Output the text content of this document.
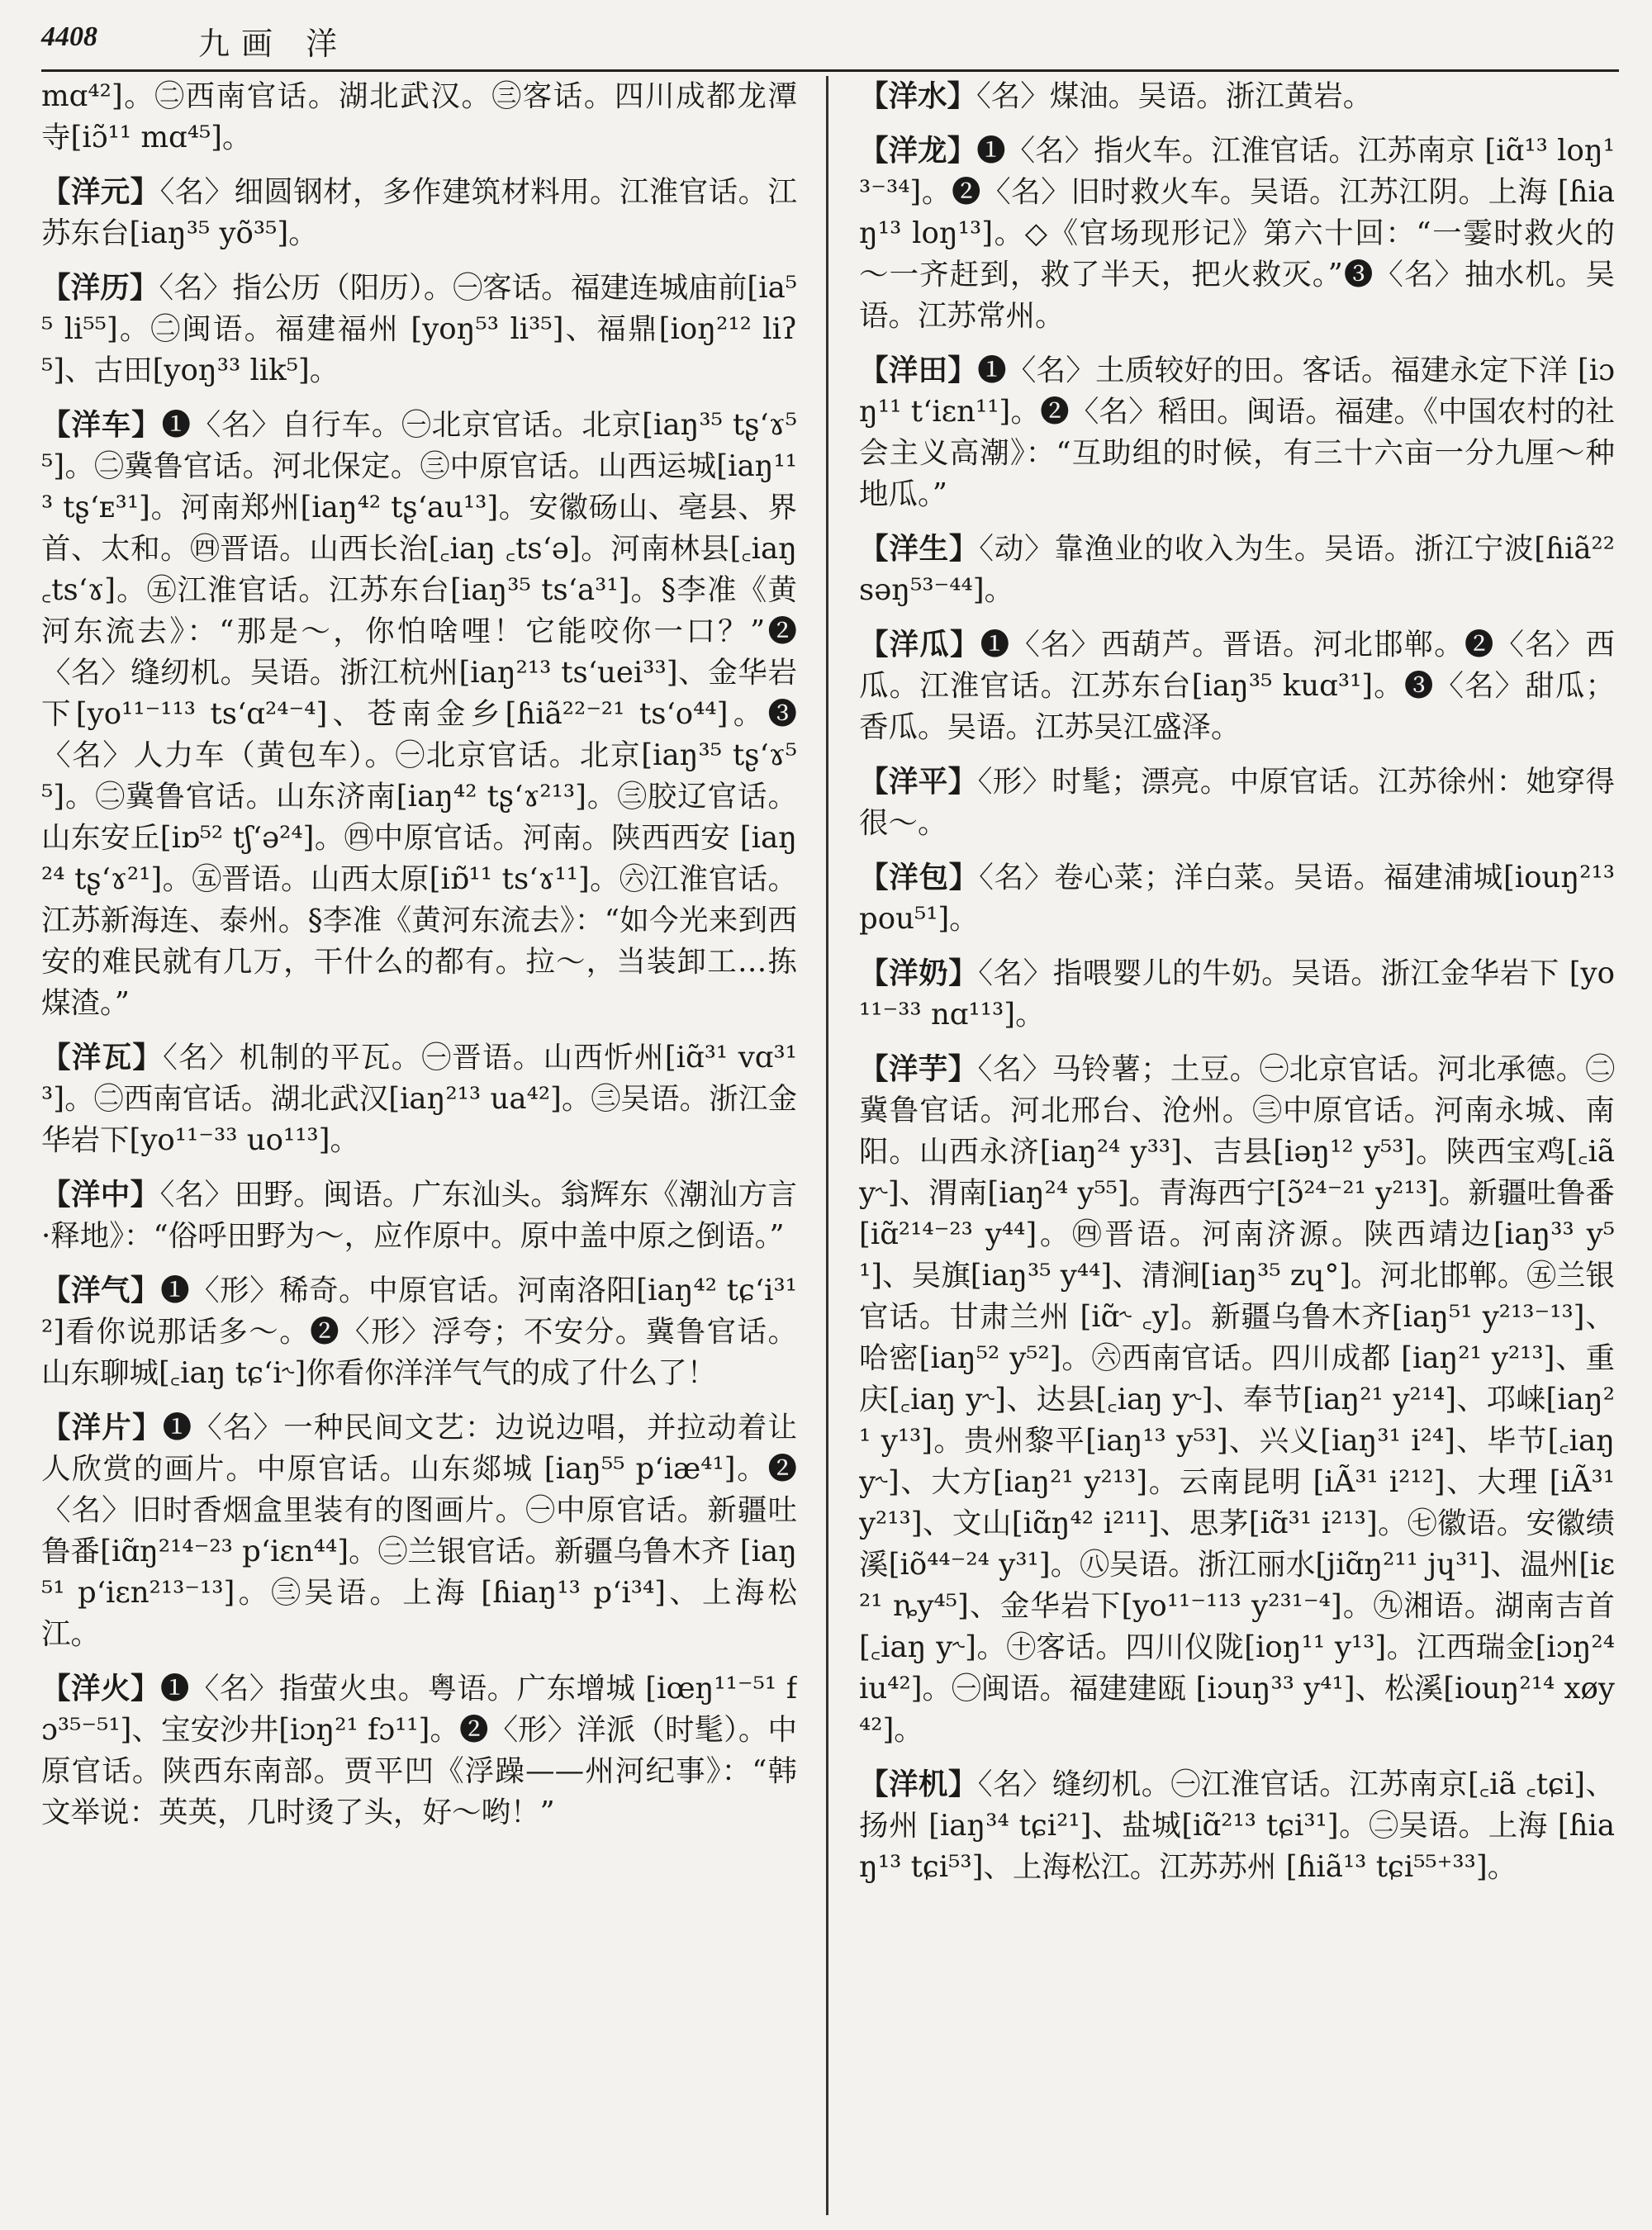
4408	九画 洋

mɑ⁴²]。㊁西南官话。湖北武汉。㊂客话。四川成都龙潭寺[iɔ̃¹¹ mɑ⁴⁵]。

【洋元】〈名〉细圆钢材，多作建筑材料用。江淮官话。江苏东台[iaŋ³⁵ yõ³⁵]。

【洋历】〈名〉指公历（阳历）。㊀客话。福建连城庙前[ia⁵⁵ li⁵⁵]。㊁闽语。福建福州 [yoŋ⁵³ li³⁵]、福鼎[ioŋ²¹² liʔ⁵]、古田[yoŋ³³ lik⁵]。

【洋车】❶〈名〉自行车。㊀北京官话。北京[iaŋ³⁵ tʂʻɤ⁵⁵]。㊁冀鲁官话。河北保定。㊂中原官话。山西运城[iaŋ¹¹³ tʂʻᴇ³¹]。河南郑州[iaŋ⁴² tʂʻau¹³]。安徽砀山、亳县、界首、太和。㊃晋语。山西长治[꜀iaŋ ꜀tsʻə]。河南林县[꜀iaŋ ꜀tsʻɤ]。㊄江淮官话。江苏东台[iaŋ³⁵ tsʻa³¹]。§李准《黄河东流去》：“那是～，你怕啥哩！它能咬你一口？”❷〈名〉缝纫机。吴语。浙江杭州[iaŋ²¹³ tsʻuei³³]、金华岩下[yo¹¹⁻¹¹³ tsʻɑ²⁴⁻⁴]、苍南金乡[ɦiã²²⁻²¹ tsʻo⁴⁴]。❸〈名〉人力车（黄包车）。㊀北京官话。北京[iaŋ³⁵ tʂʻɤ⁵⁵]。㊁冀鲁官话。山东济南[iaŋ⁴² tʂʻɤ²¹³]。㊂胶辽官话。山东安丘[iɒ⁵² tʃʻə²⁴]。㊃中原官话。河南。陕西西安 [iaŋ²⁴ tʂʻɤ²¹]。㊄晋语。山西太原[iɒ̃¹¹ tsʻɤ¹¹]。㊅江淮官话。江苏新海连、泰州。§李准《黄河东流去》：“如今光来到西安的难民就有几万，干什么的都有。拉～，当装卸工…拣煤渣。”

【洋瓦】〈名〉机制的平瓦。㊀晋语。山西忻州[iɑ̃³¹ vɑ³¹³]。㊁西南官话。湖北武汉[iaŋ²¹³ ua⁴²]。㊂吴语。浙江金华岩下[yo¹¹⁻³³ uo¹¹³]。

【洋中】〈名〉田野。闽语。广东汕头。翁辉东《潮汕方言·释地》：“俗呼田野为～，应作原中。原中盖中原之倒语。”

【洋气】❶〈形〉稀奇。中原官话。河南洛阳[iaŋ⁴² tɕʻi³¹²]看你说那话多～。❷〈形〉浮夸；不安分。冀鲁官话。山东聊城[꜀iaŋ tɕʻi˞]你看你洋洋气气的成了什么了！

【洋片】❶〈名〉一种民间文艺：边说边唱，并拉动着让人欣赏的画片。中原官话。山东郯城 [iaŋ⁵⁵ pʻiæ⁴¹]。❷〈名〉旧时香烟盒里装有的图画片。㊀中原官话。新疆吐鲁番[iɑ̃ŋ²¹⁴⁻²³ pʻiɛn⁴⁴]。㊁兰银官话。新疆乌鲁木齐 [iaŋ⁵¹ pʻiɛn²¹³⁻¹³]。㊂吴语。上海 [ɦiaŋ¹³ pʻi³⁴]、上海松江。

【洋火】❶〈名〉指萤火虫。粤语。广东增城 [iœŋ¹¹⁻⁵¹ fɔ³⁵⁻⁵¹]、宝安沙井[iɔŋ²¹ fɔ¹¹]。❷〈形〉洋派（时髦）。中原官话。陕西东南部。贾平凹《浮躁——州河纪事》：“韩文举说：英英，几时烫了头，好～哟！”

【洋水】〈名〉煤油。吴语。浙江黄岩。

【洋龙】❶〈名〉指火车。江淮官话。江苏南京 [iɑ̃¹³ loŋ¹³⁻³⁴]。❷〈名〉旧时救火车。吴语。江苏江阴。上海 [ɦiaŋ¹³ loŋ¹³]。◇《官场现形记》第六十回：“一霎时救火的～一齐赶到，救了半天，把火救灭。”❸〈名〉抽水机。吴语。江苏常州。

【洋田】❶〈名〉土质较好的田。客话。福建永定下洋 [iɔŋ¹¹ tʻiɛn¹¹]。❷〈名〉稻田。闽语。福建。《中国农村的社会主义高潮》：“互助组的时候，有三十六亩一分九厘～种地瓜。”

【洋生】〈动〉靠渔业的收入为生。吴语。浙江宁波[ɦiã²² səŋ⁵³⁻⁴⁴]。

【洋瓜】❶〈名〉西葫芦。晋语。河北邯郸。❷〈名〉西瓜。江淮官话。江苏东台[iaŋ³⁵ kuɑ³¹]。❸〈名〉甜瓜；香瓜。吴语。江苏吴江盛泽。

【洋平】〈形〉时髦；漂亮。中原官话。江苏徐州：她穿得很～。

【洋包】〈名〉卷心菜；洋白菜。吴语。福建浦城[iouŋ²¹³ pou⁵¹]。

【洋奶】〈名〉指喂婴儿的牛奶。吴语。浙江金华岩下 [yo¹¹⁻³³ nɑ¹¹³]。

【洋芋】〈名〉马铃薯；土豆。㊀北京官话。河北承德。㊁冀鲁官话。河北邢台、沧州。㊂中原官话。河南永城、南阳。山西永济[iaŋ²⁴ y³³]、吉县[iəŋ¹² y⁵³]。陕西宝鸡[꜀iã y˞]、渭南[iaŋ²⁴ y⁵⁵]。青海西宁[ɔ̃²⁴⁻²¹ y²¹³]。新疆吐鲁番[iɑ̃²¹⁴⁻²³ y⁴⁴]。㊃晋语。河南济源。陕西靖边[iaŋ³³ y⁵¹]、吴旗[iaŋ³⁵ y⁴⁴]、清涧[iaŋ³⁵ zɥ°]。河北邯郸。㊄兰银官话。甘肃兰州 [iɑ̃˞ ꜀y]。新疆乌鲁木齐[iaŋ⁵¹ y²¹³⁻¹³]、哈密[iaŋ⁵² y⁵²]。㊅西南官话。四川成都 [iaŋ²¹ y²¹³]、重庆[꜀iaŋ y˞]、达县[꜀iaŋ y˞]、奉节[iaŋ²¹ y²¹⁴]、邛崃[iaŋ²¹ y¹³]。贵州黎平[iaŋ¹³ y⁵³]、兴义[iaŋ³¹ i²⁴]、毕节[꜀iaŋ y˞]、大方[iaŋ²¹ y²¹³]。云南昆明 [iÃ³¹ i²¹²]、大理 [iÃ³¹ y²¹³]、文山[iɑ̃ŋ⁴² i²¹¹]、思茅[iɑ̃³¹ i²¹³]。㊆徽语。安徽绩溪[iõ⁴⁴⁻²⁴ y³¹]。㊇吴语。浙江丽水[jiɑ̃ŋ²¹¹ jɥ³¹]、温州[iɛ²¹ ȵy⁴⁵]、金华岩下[yo¹¹⁻¹¹³ y²³¹⁻⁴]。㊈湘语。湖南吉首[꜀iaŋ y˞]。㊉客话。四川仪陇[ioŋ¹¹ y¹³]。江西瑞金[iɔŋ²⁴ iu⁴²]。㊀闽语。福建建瓯 [iɔuŋ³³ y⁴¹]、松溪[iouŋ²¹⁴ xøy⁴²]。

【洋机】〈名〉缝纫机。㊀江淮官话。江苏南京[꜀iã ꜀tɕi]、扬州 [iaŋ³⁴ tɕi²¹]、盐城[iɑ̃²¹³ tɕi³¹]。㊁吴语。上海 [ɦiaŋ¹³ tɕi⁵³]、上海松江。江苏苏州 [ɦiã¹³ tɕi⁵⁵⁺³³]。
